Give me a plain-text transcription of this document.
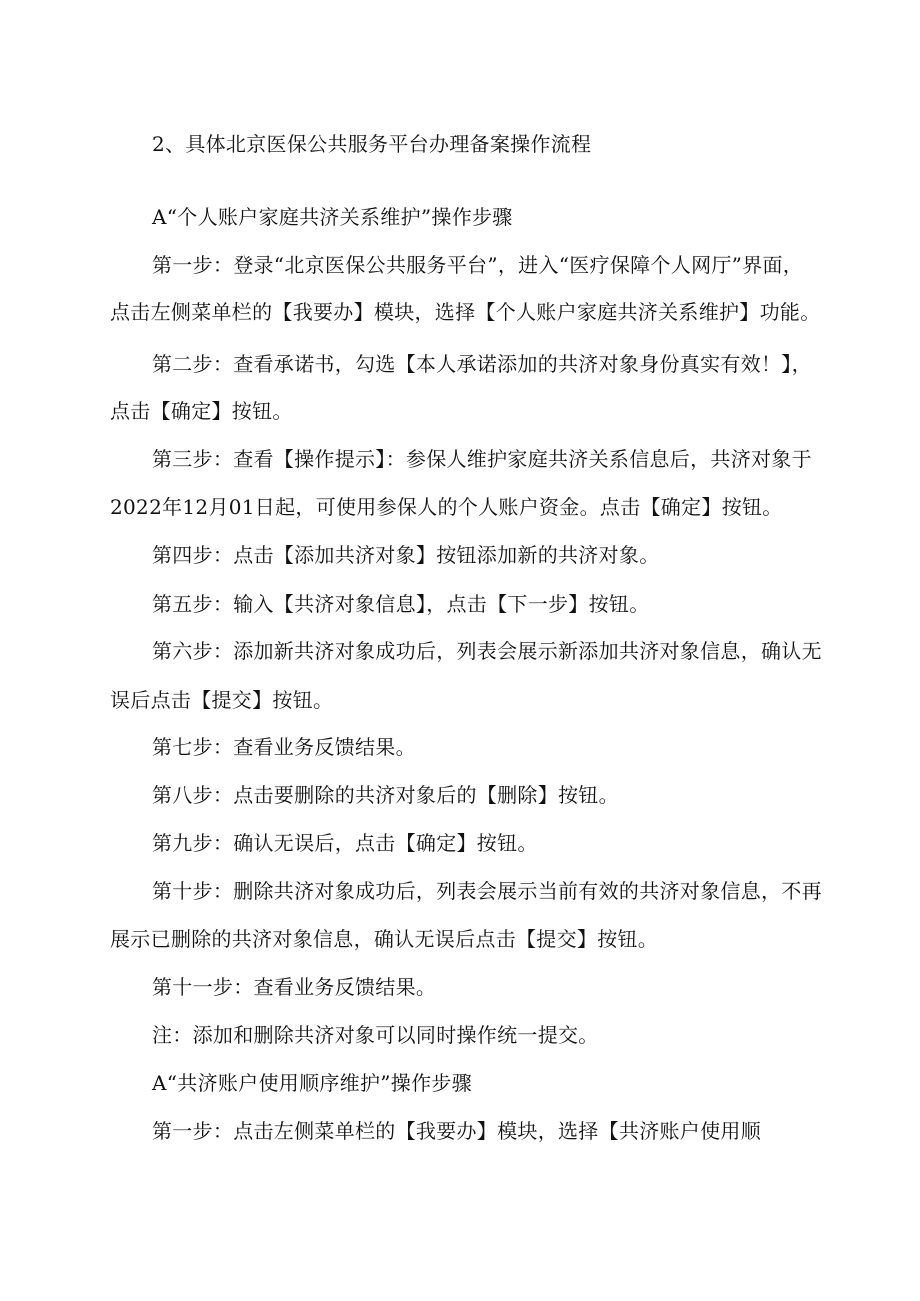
2、具体北京医保公共服务平台办理备案操作流程
A“个人账户家庭共济关系维护”操作步骤
第一步：登录“北京医保公共服务平台”，进入“医疗保障个人网厅”界面，
点击左侧菜单栏的【我要办】模块，选择【个人账户家庭共济关系维护】功能。
第二步：查看承诺书，勾选【本人承诺添加的共济对象身份真实有效！】，
点击【确定】按钮。
第三步：查看【操作提示】：参保人维护家庭共济关系信息后，共济对象于
2022年12月01日起，可使用参保人的个人账户资金。点击【确定】按钮。
第四步：点击【添加共济对象】按钮添加新的共济对象。
第五步：输入【共济对象信息】，点击【下一步】按钮。
第六步：添加新共济对象成功后，列表会展示新添加共济对象信息，确认无
误后点击【提交】按钮。
第七步：查看业务反馈结果。
第八步：点击要删除的共济对象后的【删除】按钮。
第九步：确认无误后，点击【确定】按钮。
第十步：删除共济对象成功后，列表会展示当前有效的共济对象信息，不再
展示已删除的共济对象信息，确认无误后点击【提交】按钮。
第十一步：查看业务反馈结果。
注：添加和删除共济对象可以同时操作统一提交。
A“共济账户使用顺序维护”操作步骤
第一步：点击左侧菜单栏的【我要办】模块，选择【共济账户使用顺
